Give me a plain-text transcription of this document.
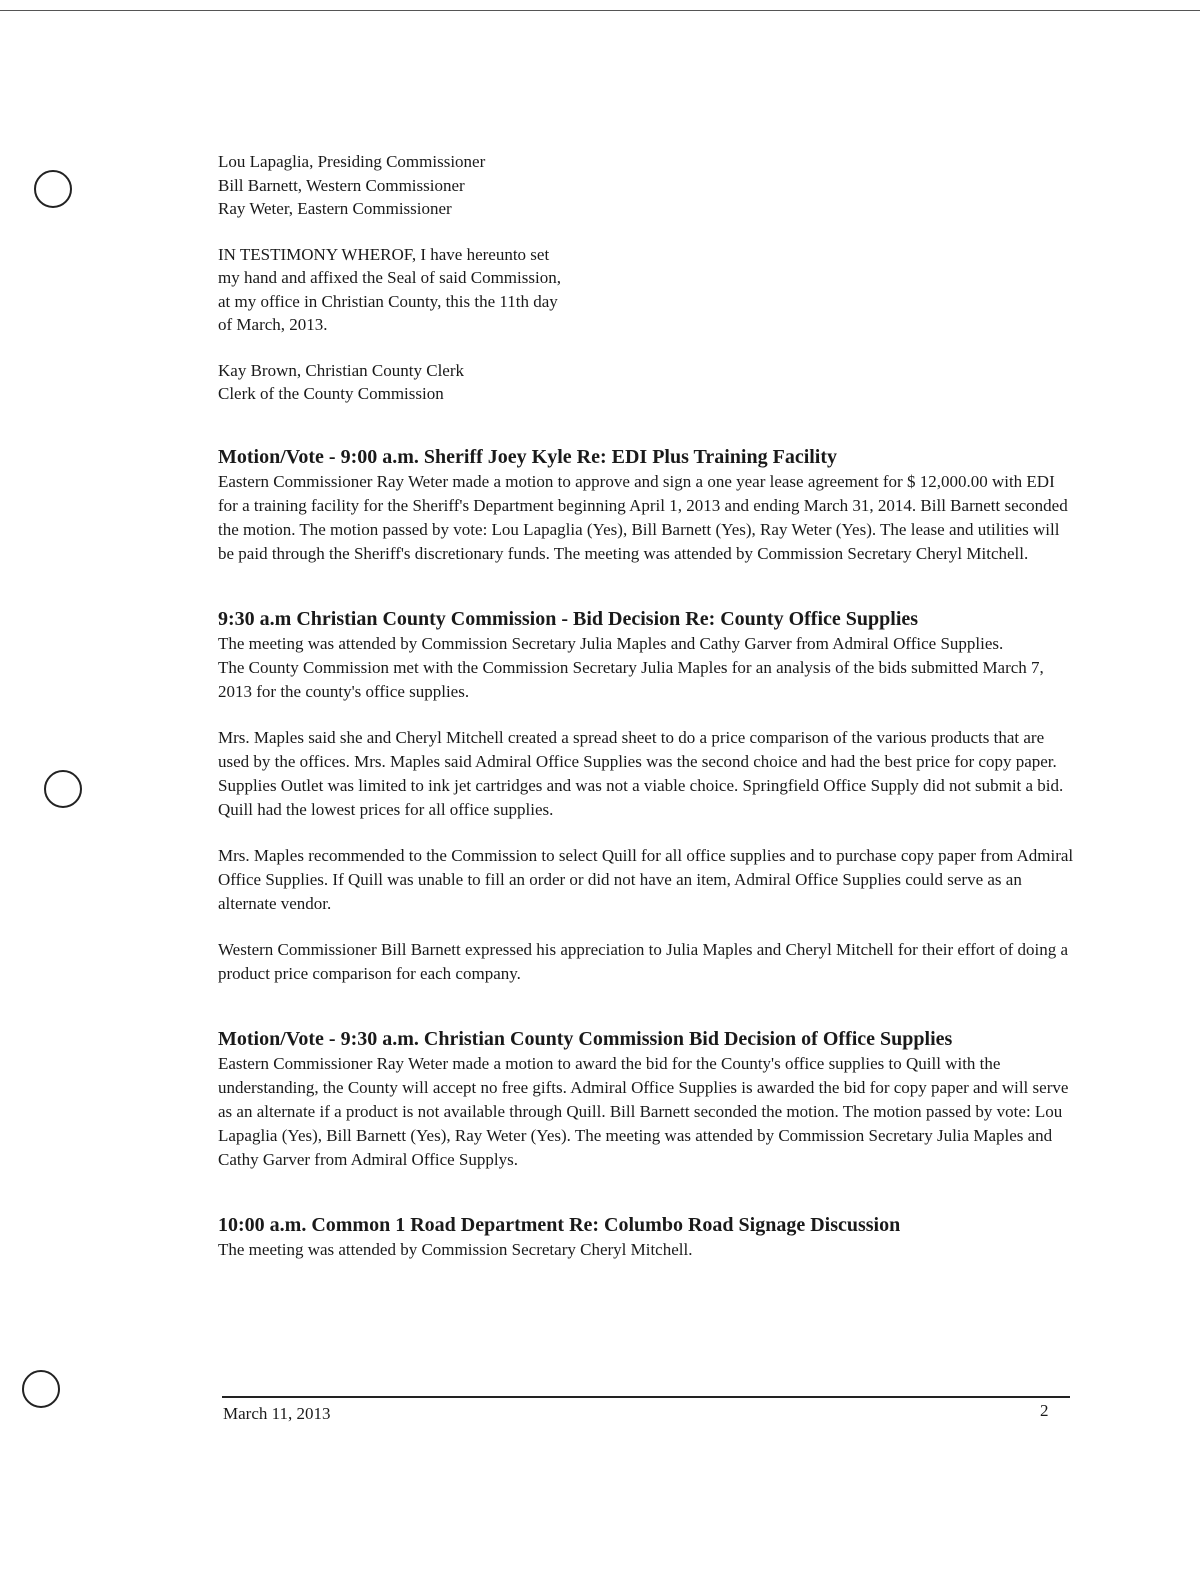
Lou Lapaglia, Presiding Commissioner

Bill Barnett, Western Commissioner

Ray Weter, Eastern Commissioner

IN TESTIMONY WHEROF, I have hereunto set

my hand and affixed the Seal of said Commission,

at my office in Christian County, this the 11th day

of March, 2013.

Kay Brown, Christian County Clerk

Clerk of the County Commission

Motion/Vote - 9:00 a.m. Sheriff Joey Kyle Re: EDI Plus Training Facility

Eastern Commissioner Ray Weter made a motion to approve and sign a one year lease agreement for $ 12,000.00 with EDI for a training facility for the Sheriff's Department beginning April 1, 2013 and ending March 31, 2014. Bill Barnett seconded the motion. The motion passed by vote: Lou Lapaglia (Yes), Bill Barnett (Yes), Ray Weter (Yes). The lease and utilities will be paid through the Sheriff's discretionary funds. The meeting was attended by Commission Secretary Cheryl Mitchell.

9:30 a.m Christian County Commission - Bid Decision Re: County Office Supplies

The meeting was attended by Commission Secretary Julia Maples and Cathy Garver from Admiral Office Supplies.

The County Commission met with the Commission Secretary Julia Maples for an analysis of the bids submitted March 7, 2013 for the county's office supplies.

Mrs. Maples said she and Cheryl Mitchell created a spread sheet to do a price comparison of the various products that are used by the offices. Mrs. Maples said Admiral Office Supplies was the second choice and had the best price for copy paper. Supplies Outlet was limited to ink jet cartridges and was not a viable choice. Springfield Office Supply did not submit a bid. Quill had the lowest prices for all office supplies.

Mrs. Maples recommended to the Commission to select Quill for all office supplies and to purchase copy paper from Admiral Office Supplies. If Quill was unable to fill an order or did not have an item, Admiral Office Supplies could serve as an alternate vendor.

Western Commissioner Bill Barnett expressed his appreciation to Julia Maples and Cheryl Mitchell for their effort of doing a product price comparison for each company.

Motion/Vote - 9:30 a.m. Christian County Commission Bid Decision of Office Supplies

Eastern Commissioner Ray Weter made a motion to award the bid for the County's office supplies to Quill with the understanding, the County will accept no free gifts. Admiral Office Supplies is awarded the bid for copy paper and will serve as an alternate if a product is not available through Quill. Bill Barnett seconded the motion. The motion passed by vote: Lou Lapaglia (Yes), Bill Barnett (Yes), Ray Weter (Yes). The meeting was attended by Commission Secretary Julia Maples and Cathy Garver from Admiral Office Supplys.

10:00 a.m. Common 1 Road Department Re: Columbo Road Signage Discussion

The meeting was attended by Commission Secretary Cheryl Mitchell.

March 11, 2013	2
